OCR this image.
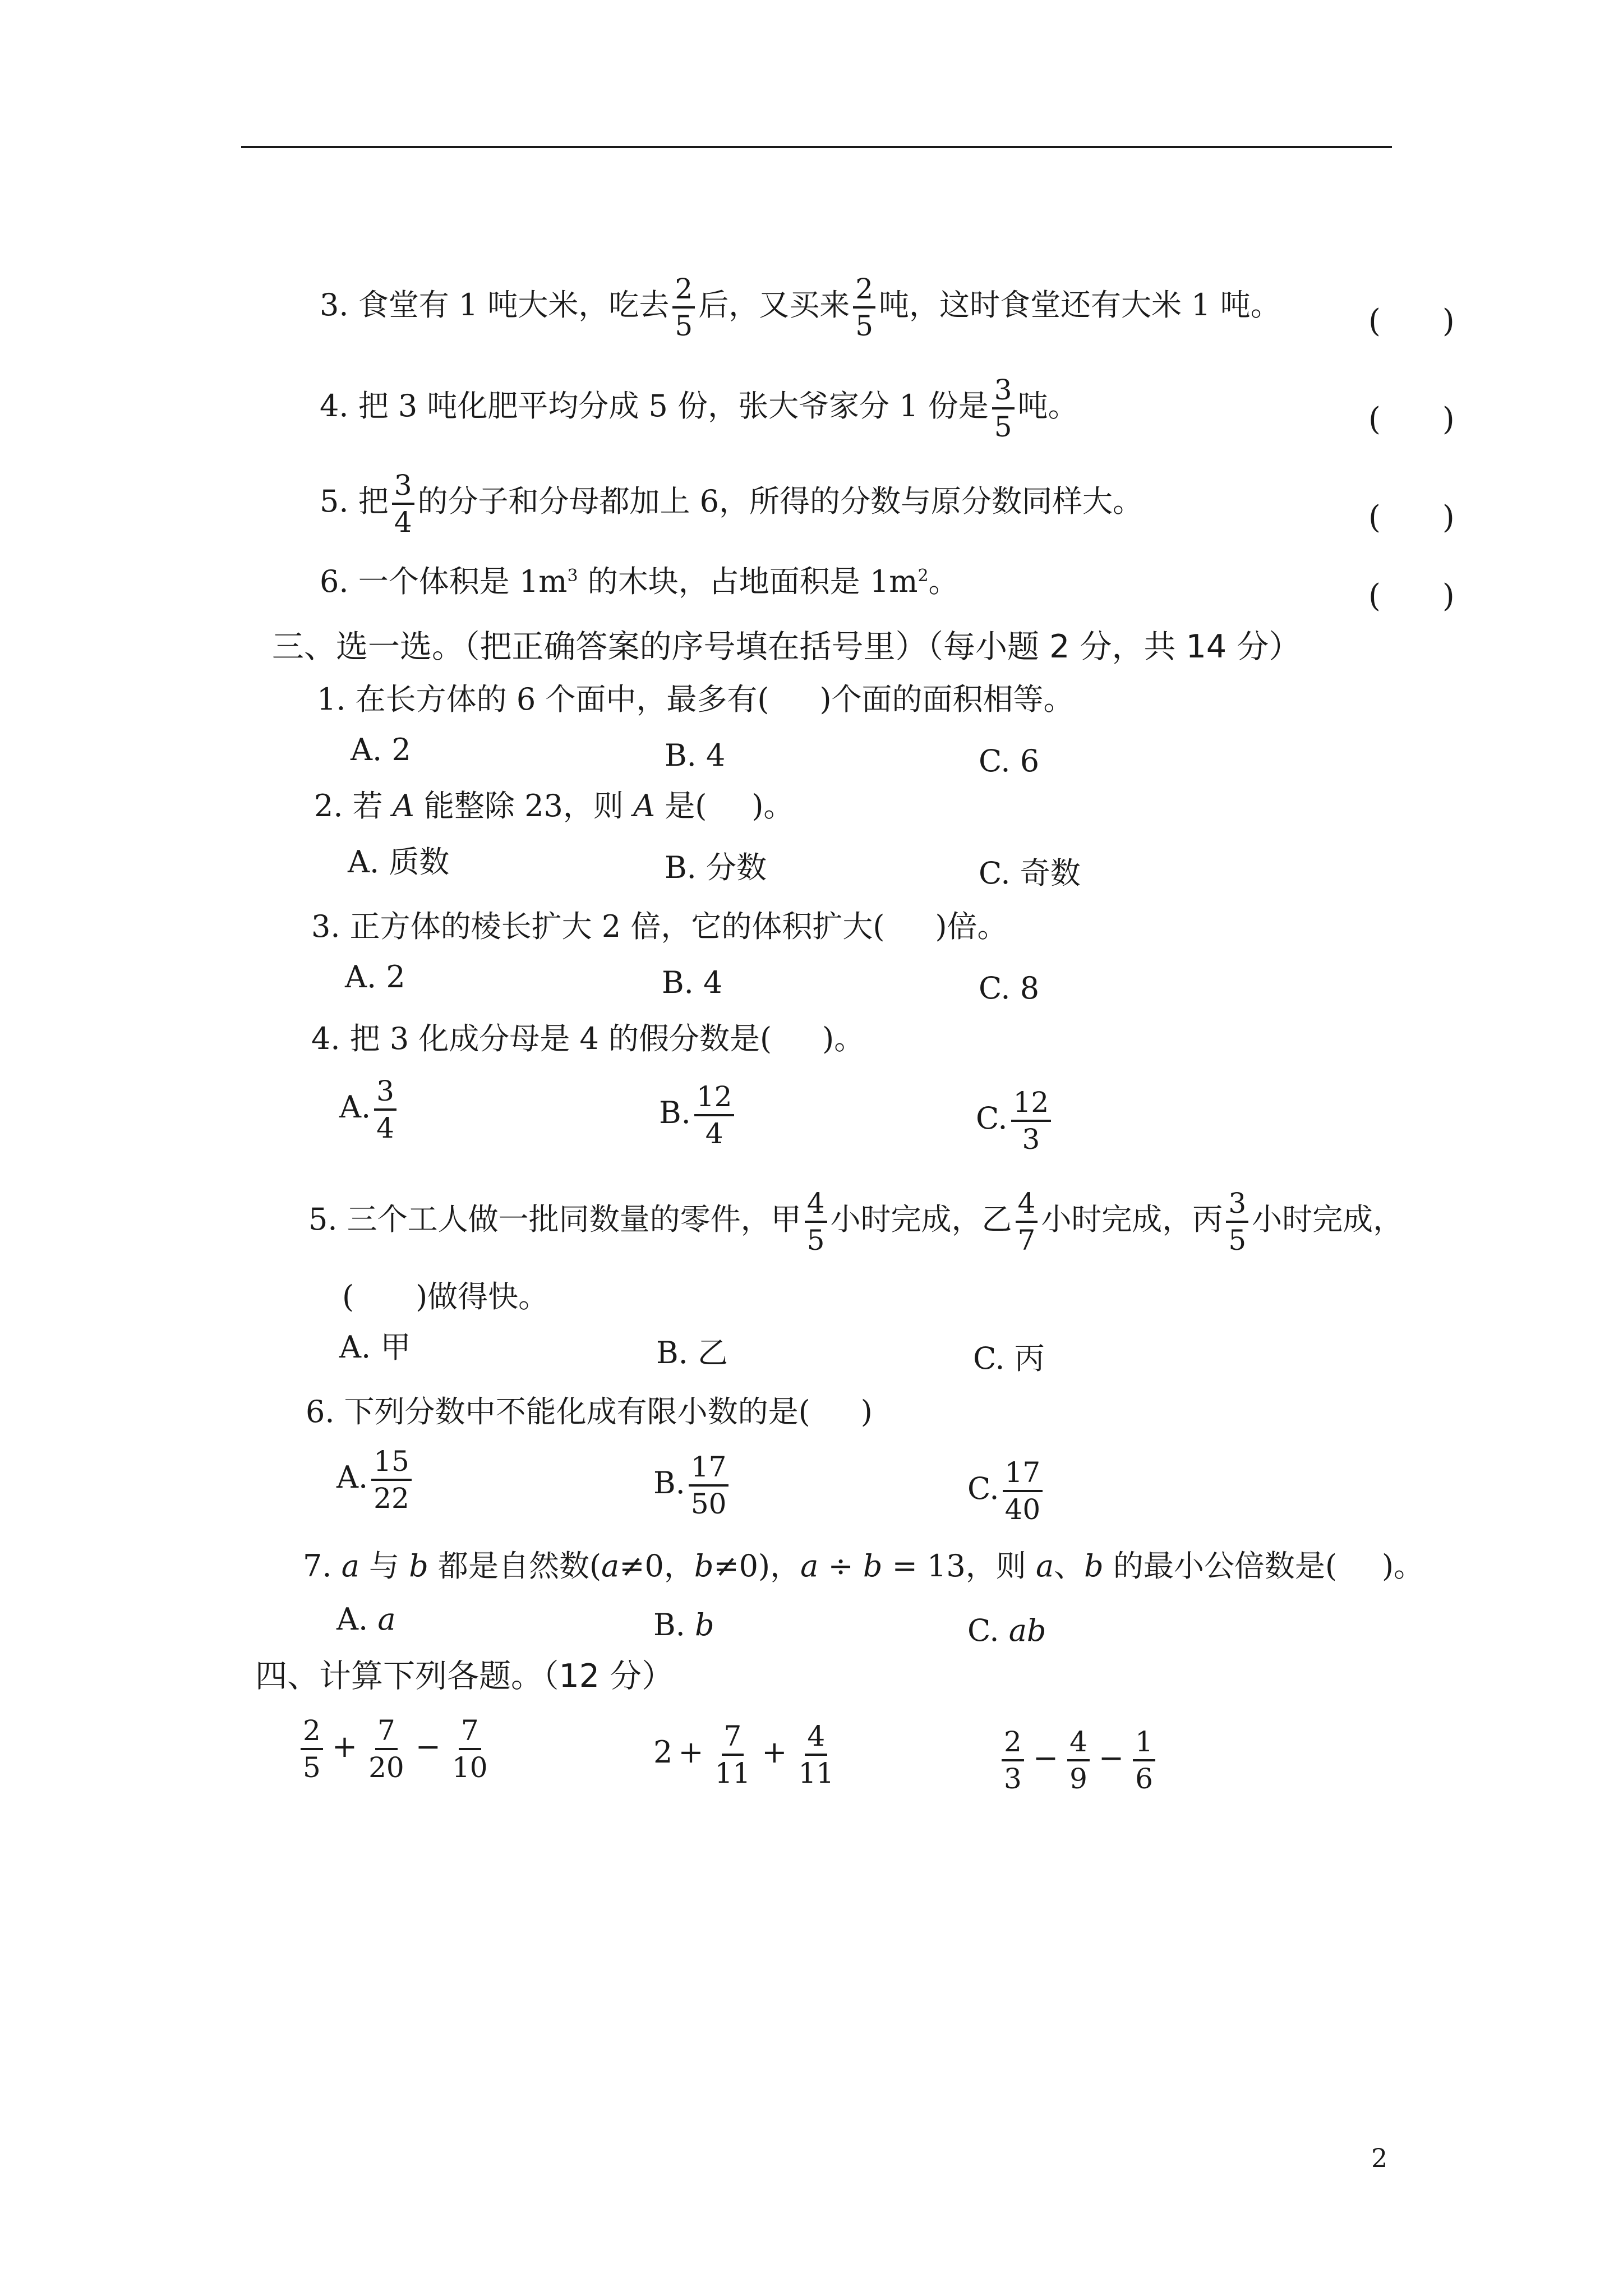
3. 食堂有 1 吨大米，吃去 $\frac{2}{5}$ 后，又买来 $\frac{2}{5}$ 吨，这时食堂还有大米 1 吨。	( )
4. 把 3 吨化肥平均分成 5 份，张大爷家分 1 份是 $\frac{3}{5}$ 吨。	( )
5. 把 $\frac{3}{4}$ 的分子和分母都加上 6，所得的分数与原分数同样大。	( )
6. 一个体积是 $1m^3$ 的木块，占地面积是 $1m^2$。	( )
三、选一选。（把正确答案的序号填在括号里）（每小题 2 分，共 14 分）
1. 在长方体的 6 个面中，最多有( )个面的面积相等。
A. 2	B. 4	C. 6
2. 若 A 能整除 23，则 A 是( )。
A. 质数	B. 分数	C. 奇数
3. 正方体的棱长扩大 2 倍，它的体积扩大( )倍。
A. 2	B. 4	C. 8
4. 把 3 化成分母是 4 的假分数是( )。
A. $\frac{3}{4}$	B. $\frac{12}{4}$	C. $\frac{12}{3}$
5. 三个工人做一批同数量的零件，甲 $\frac{4}{5}$ 小时完成，乙 $\frac{4}{7}$ 小时完成，丙 $\frac{3}{5}$ 小时完成，
( )做得快。
A. 甲	B. 乙	C. 丙
6. 下列分数中不能化成有限小数的是( )
A. $\frac{15}{22}$	B. $\frac{17}{50}$	C. $\frac{17}{40}$
7. a 与 b 都是自然数(a≠0，b≠0)，a ÷ b = 13，则 a、b 的最小公倍数是( )。
A. a	B. b	C. ab
四、计算下列各题。（12 分）
$\frac{2}{5} + \frac{7}{20} - \frac{7}{10}$	$2 + \frac{7}{11} + \frac{4}{11}$	$\frac{2}{3} - \frac{4}{9} - \frac{1}{6}$
2
